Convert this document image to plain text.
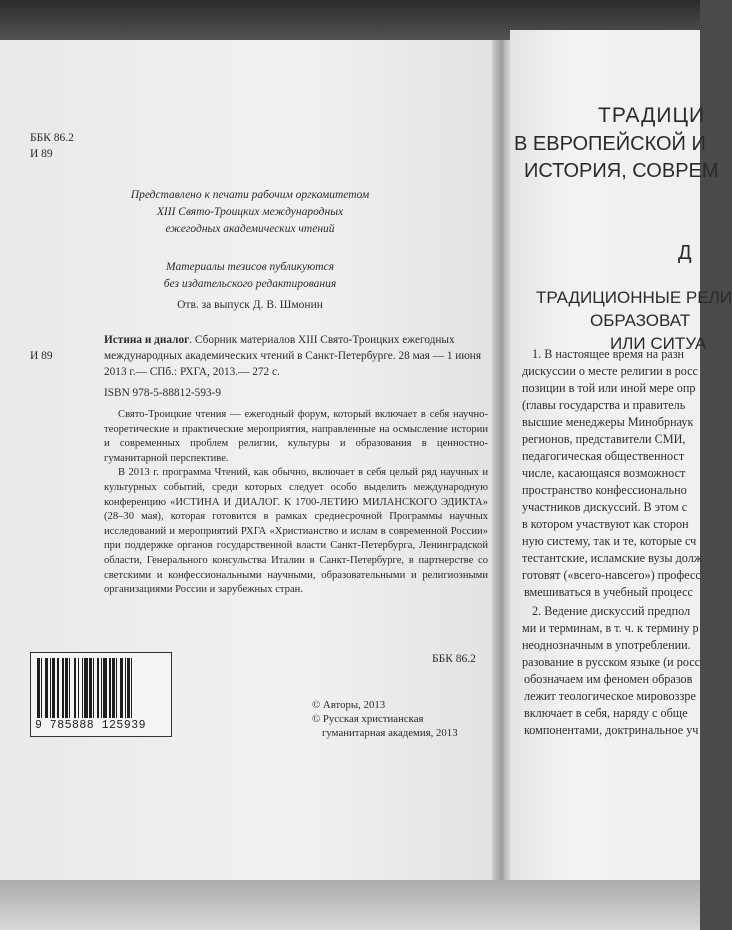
ББК 86.2
И 89
Представлено к печати рабочим оргкомитетом
XIII Свято-Троицких международных
ежегодных академических чтений
Материалы тезисов публикуются
без издательского редактирования
Отв. за выпуск Д. В. Шмонин
И 89
Истина и диалог. Сборник материалов XIII Свято-Троицких ежегодных
международных академических чтений в Санкт-Петербурге. 28 мая — 1 июня
2013 г.— СПб.: РХГА, 2013.— 272 с.
ISBN 978-5-88812-593-9

Свято-Троицкие чтения — ежегодный форум, который включает в себя научно-теоретические и практические мероприятия, направленные на осмысление истории и современных проблем религии, культуры и образования в ценностно-гуманитарной перспективе.

В 2013 г. программа Чтений, как обычно, включает в себя целый ряд научных и культурных событий, среди которых следует особо выделить международную конференцию «ИСТИНА И ДИАЛОГ. К 1700-ЛЕТИЮ МИЛАНСКОГО ЭДИКТА» (28–30 мая), которая готовится в рамках среднесрочной Программы научных исследований и мероприятий РХГА «Христианство и ислам в современной России» при поддержке органов государственной власти Санкт-Петербурга, Ленинградской области, Генерального консульства Италии в Санкт-Петербурге, в партнерстве со светскими и конфессиональными научными, образовательными и религиозными организациями России и зарубежных стран.

ББК 86.2
9 785888 125939
© Авторы, 2013
© Русская христианская
гуманитарная академия, 2013
ТРАДИЦИ
В ЕВРОПЕЙСКОЙ И
ИСТОРИЯ, СОВРЕМ
Д
ТРАДИЦИОННЫЕ РЕЛИ
ОБРАЗОВАТ
ИЛИ СИТУА
1. В настоящее время на разн
дискуссии о месте религии в росс
позиции в той или иной мере опр
(главы государства и правитель
высшие менеджеры Минобрнаук
регионов, представители СМИ,
педагогическая общественност
числе, касающаяся возможност
пространство конфессионально
участников дискуссий. В этом с
в котором участвуют как сторон
ную систему, так и те, которые сч
тестантские, исламские вузы долж
готовят («всего-навсего») професс
вмешиваться в учебный процесс
2. Ведение дискуссий предпол
ми и терминам, в т. ч. к термину р
неоднозначным в употреблении.
разование в русском языке (и росс
обозначаем им феномен образов
лежит теологическое мировоззре
включает в себя, наряду с обще
компонентами, доктринальное уч
